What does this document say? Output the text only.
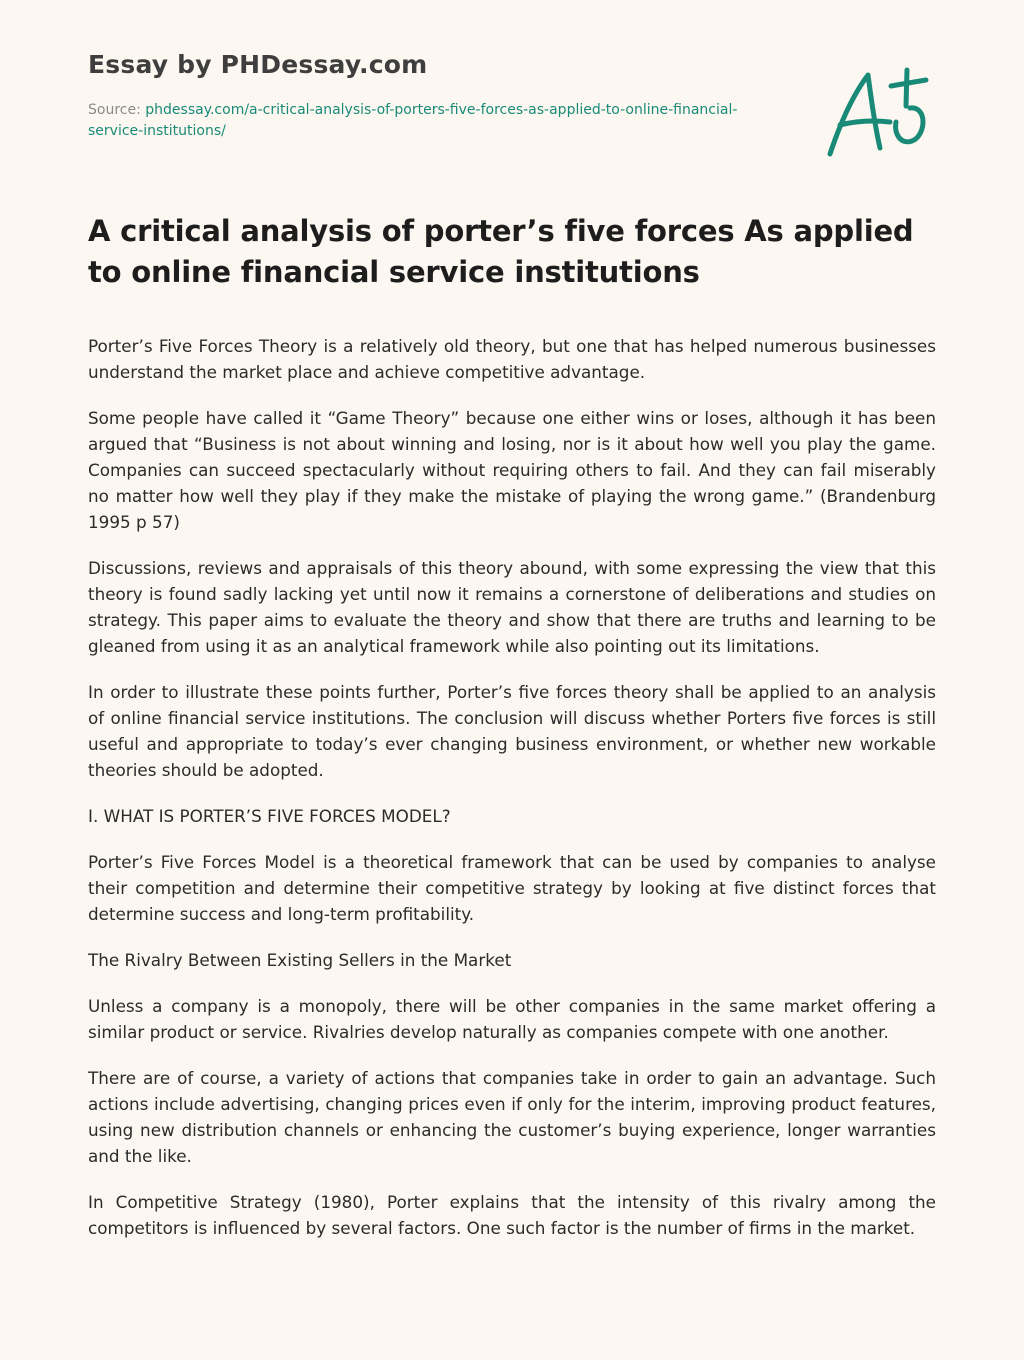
Essay by PHDessay.com
Source: phdessay.com/a-critical-analysis-of-porters-five-forces-as-applied-to-online-financial-service-institutions/
A critical analysis of porter’s five forces As applied to online financial service institutions

Porter’s Five Forces Theory is a relatively old theory, but one that has helped numerous businesses understand the market place and achieve competitive advantage.

Some people have called it “Game Theory” because one either wins or loses, although it has been argued that “Business is not about winning and losing, nor is it about how well you play the game. Companies can succeed spectacularly without requiring others to fail. And they can fail miserably no matter how well they play if they make the mistake of playing the wrong game.” (Brandenburg 1995 p 57)

Discussions, reviews and appraisals of this theory abound, with some expressing the view that this theory is found sadly lacking yet until now it remains a cornerstone of deliberations and studies on strategy. This paper aims to evaluate the theory and show that there are truths and learning to be gleaned from using it as an analytical framework while also pointing out its limitations.

In order to illustrate these points further, Porter’s five forces theory shall be applied to an analysis of online financial service institutions. The conclusion will discuss whether Porters five forces is still useful and appropriate to today’s ever changing business environment, or whether new workable theories should be adopted.

I. WHAT IS PORTER’S FIVE FORCES MODEL?

Porter’s Five Forces Model is a theoretical framework that can be used by companies to analyse their competition and determine their competitive strategy by looking at five distinct forces that determine success and long-term profitability.

The Rivalry Between Existing Sellers in the Market

Unless a company is a monopoly, there will be other companies in the same market offering a similar product or service. Rivalries develop naturally as companies compete with one another.

There are of course, a variety of actions that companies take in order to gain an advantage. Such actions include advertising, changing prices even if only for the interim, improving product features, using new distribution channels or enhancing the customer’s buying experience, longer warranties and the like.

In Competitive Strategy (1980), Porter explains that the intensity of this rivalry among the competitors is influenced by several factors. One such factor is the number of firms in the market.
